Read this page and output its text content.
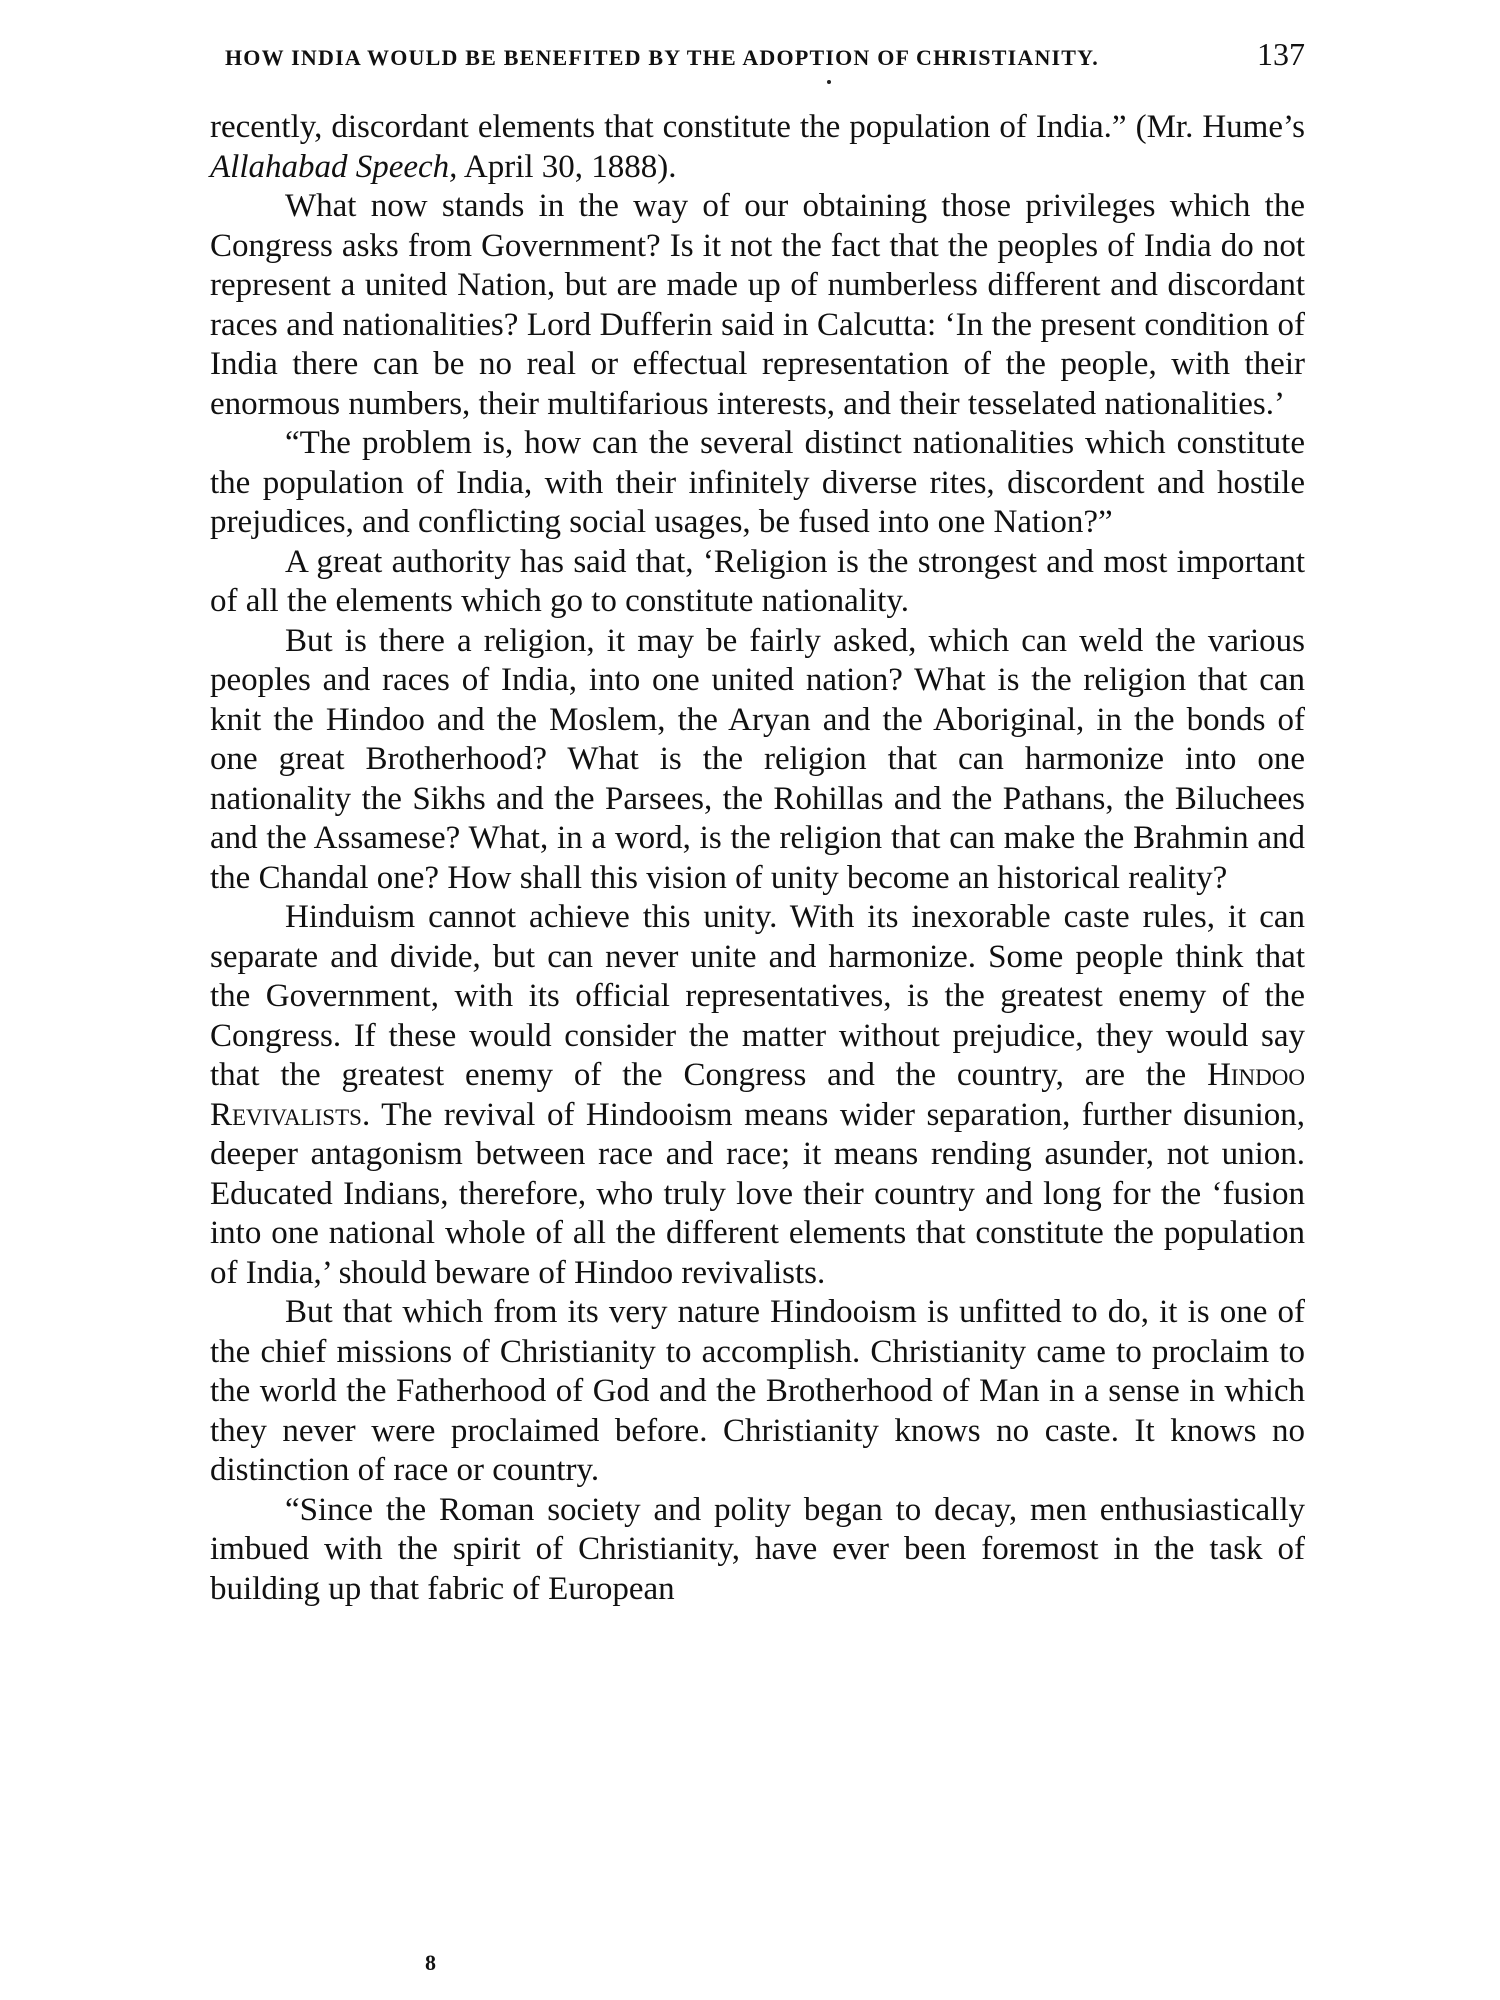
HOW INDIA WOULD BE BENEFITED BY THE ADOPTION OF CHRISTIANITY.	137

recently, discordant elements that constitute the population of India.” (Mr. Hume’s Allahabad Speech, April 30, 1888).

What now stands in the way of our obtaining those privileges which the Congress asks from Government? Is it not the fact that the peoples of India do not represent a united Nation, but are made up of numberless different and discordant races and nationalities? Lord Dufferin said in Calcutta: ‘In the present condition of India there can be no real or effectual representation of the people, with their enormous numbers, their multifarious interests, and their tesselated nationalities.’

“The problem is, how can the several distinct nationalities which constitute the population of India, with their infinitely diverse rites, discordent and hostile prejudices, and conflicting social usages, be fused into one Nation?”

A great authority has said that, ‘Religion is the strongest and most important of all the elements which go to constitute nationality.

But is there a religion, it may be fairly asked, which can weld the various peoples and races of India, into one united nation? What is the religion that can knit the Hindoo and the Moslem, the Aryan and the Aboriginal, in the bonds of one great Brotherhood? What is the religion that can harmonize into one nationality the Sikhs and the Parsees, the Rohillas and the Pathans, the Biluchees and the Assamese? What, in a word, is the religion that can make the Brahmin and the Chandal one? How shall this vision of unity become an historical reality?

Hinduism cannot achieve this unity. With its inexorable caste rules, it can separate and divide, but can never unite and harmonize. Some people think that the Government, with its official representatives, is the greatest enemy of the Congress. If these would consider the matter without prejudice, they would say that the greatest enemy of the Congress and the country, are the Hindoo Revivalists. The revival of Hindooism means wider separation, further disunion, deeper antagonism between race and race; it means rending asunder, not union. Educated Indians, therefore, who truly love their country and long for the ‘fusion into one national whole of all the different elements that constitute the population of India,’ should beware of Hindoo revivalists.

But that which from its very nature Hindooism is unfitted to do, it is one of the chief missions of Christianity to accomplish. Christianity came to proclaim to the world the Fatherhood of God and the Brotherhood of Man in a sense in which they never were proclaimed before. Christianity knows no caste. It knows no distinction of race or country.

“Since the Roman society and polity began to decay, men enthusiastically imbued with the spirit of Christianity, have ever been foremost in the task of building up that fabric of European

8
